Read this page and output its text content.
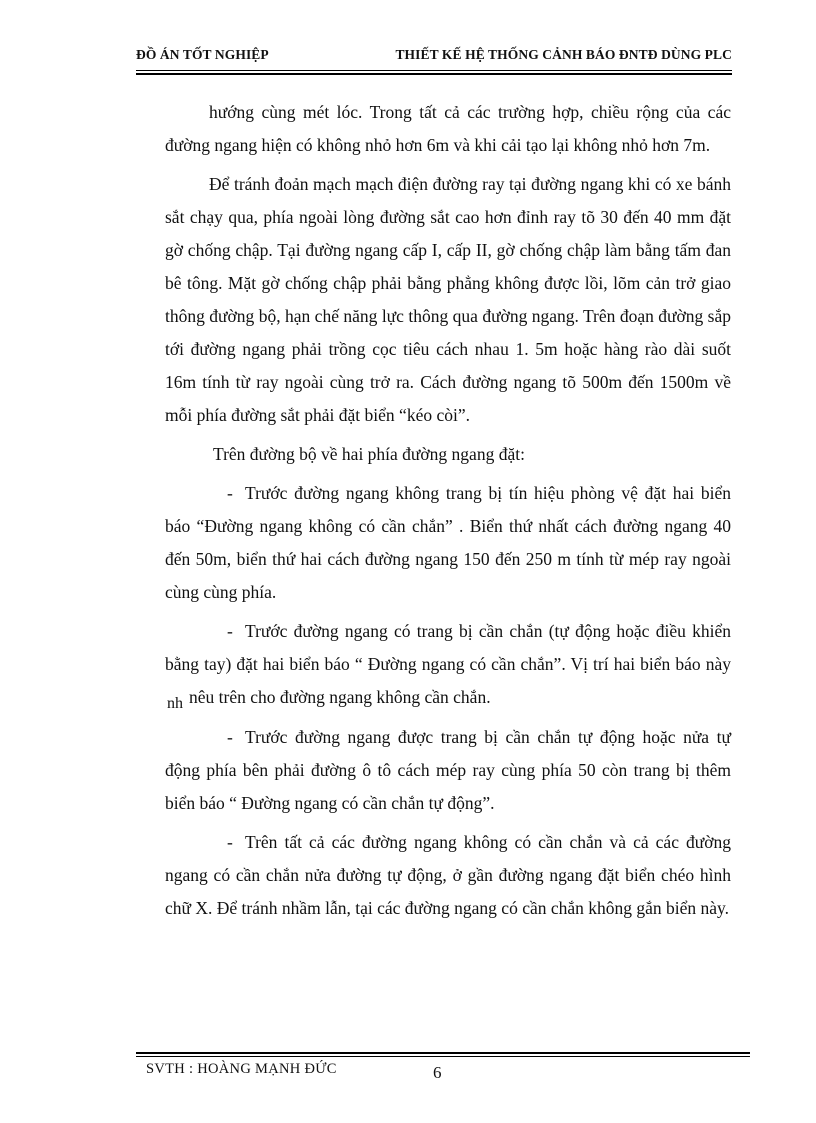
ĐỒ ÁN TỐT NGHIỆP	THIẾT KẾ HỆ THỐNG CẢNH BÁO ĐNTĐ DÙNG PLC

hướng cùng mét lóc. Trong tất cả các trường hợp, chiều rộng của các đường ngang hiện có không nhỏ hơn 6m và khi cải tạo lại không nhỏ hơn 7m.

Để tránh đoản mạch mạch điện đường ray tại đường ngang khi có xe bánh sắt chạy qua, phía ngoài lòng đường sắt cao hơn đỉnh ray tõ 30 đến 40 mm đặt gờ chống chập. Tại đường ngang cấp I, cấp II, gờ chống chập làm bằng tấm đan bê tông. Mặt gờ chống chập phải bằng phẳng không được lồi, lõm cản trở giao thông đường bộ, hạn chế năng lực thông qua đường ngang. Trên đoạn đường sắp tới đường ngang phải trồng cọc tiêu cách nhau 1. 5m hoặc hàng rào dài suốt 16m tính từ ray ngoài cùng trở ra. Cách đường ngang tõ 500m đến 1500m về mỗi phía đường sắt phải đặt biển “kéo còi”.

Trên đường bộ về hai phía đường ngang đặt:

- Trước đường ngang không trang bị tín hiệu phòng vệ đặt hai biển báo “Đường ngang không có cần chắn” . Biển thứ nhất cách đường ngang 40 đến 50m, biển thứ hai cách đường ngang 150 đến 250 m tính từ mép ray ngoài cùng cùng phía.

- Trước đường ngang có trang bị cần chắn (tự động hoặc điều khiển bằng tay) đặt hai biển báo “ Đường ngang có cần chắn”. Vị trí hai biển báo này nh nêu trên cho đường ngang không cần chắn.

- Trước đường ngang được trang bị cần chắn tự động hoặc nửa tự động phía bên phải đường ô tô cách mép ray cùng phía 50 còn trang bị thêm biển báo “ Đường ngang có cần chắn tự động”.

- Trên tất cả các đường ngang không có cần chắn và cả các đường ngang có cần chắn nửa đường tự động, ở gần đường ngang đặt biển chéo hình chữ X. Để tránh nhầm lẫn, tại các đường ngang có cần chắn không gắn biển này.

SVTH : HOÀNG MẠNH ĐỨC	6
